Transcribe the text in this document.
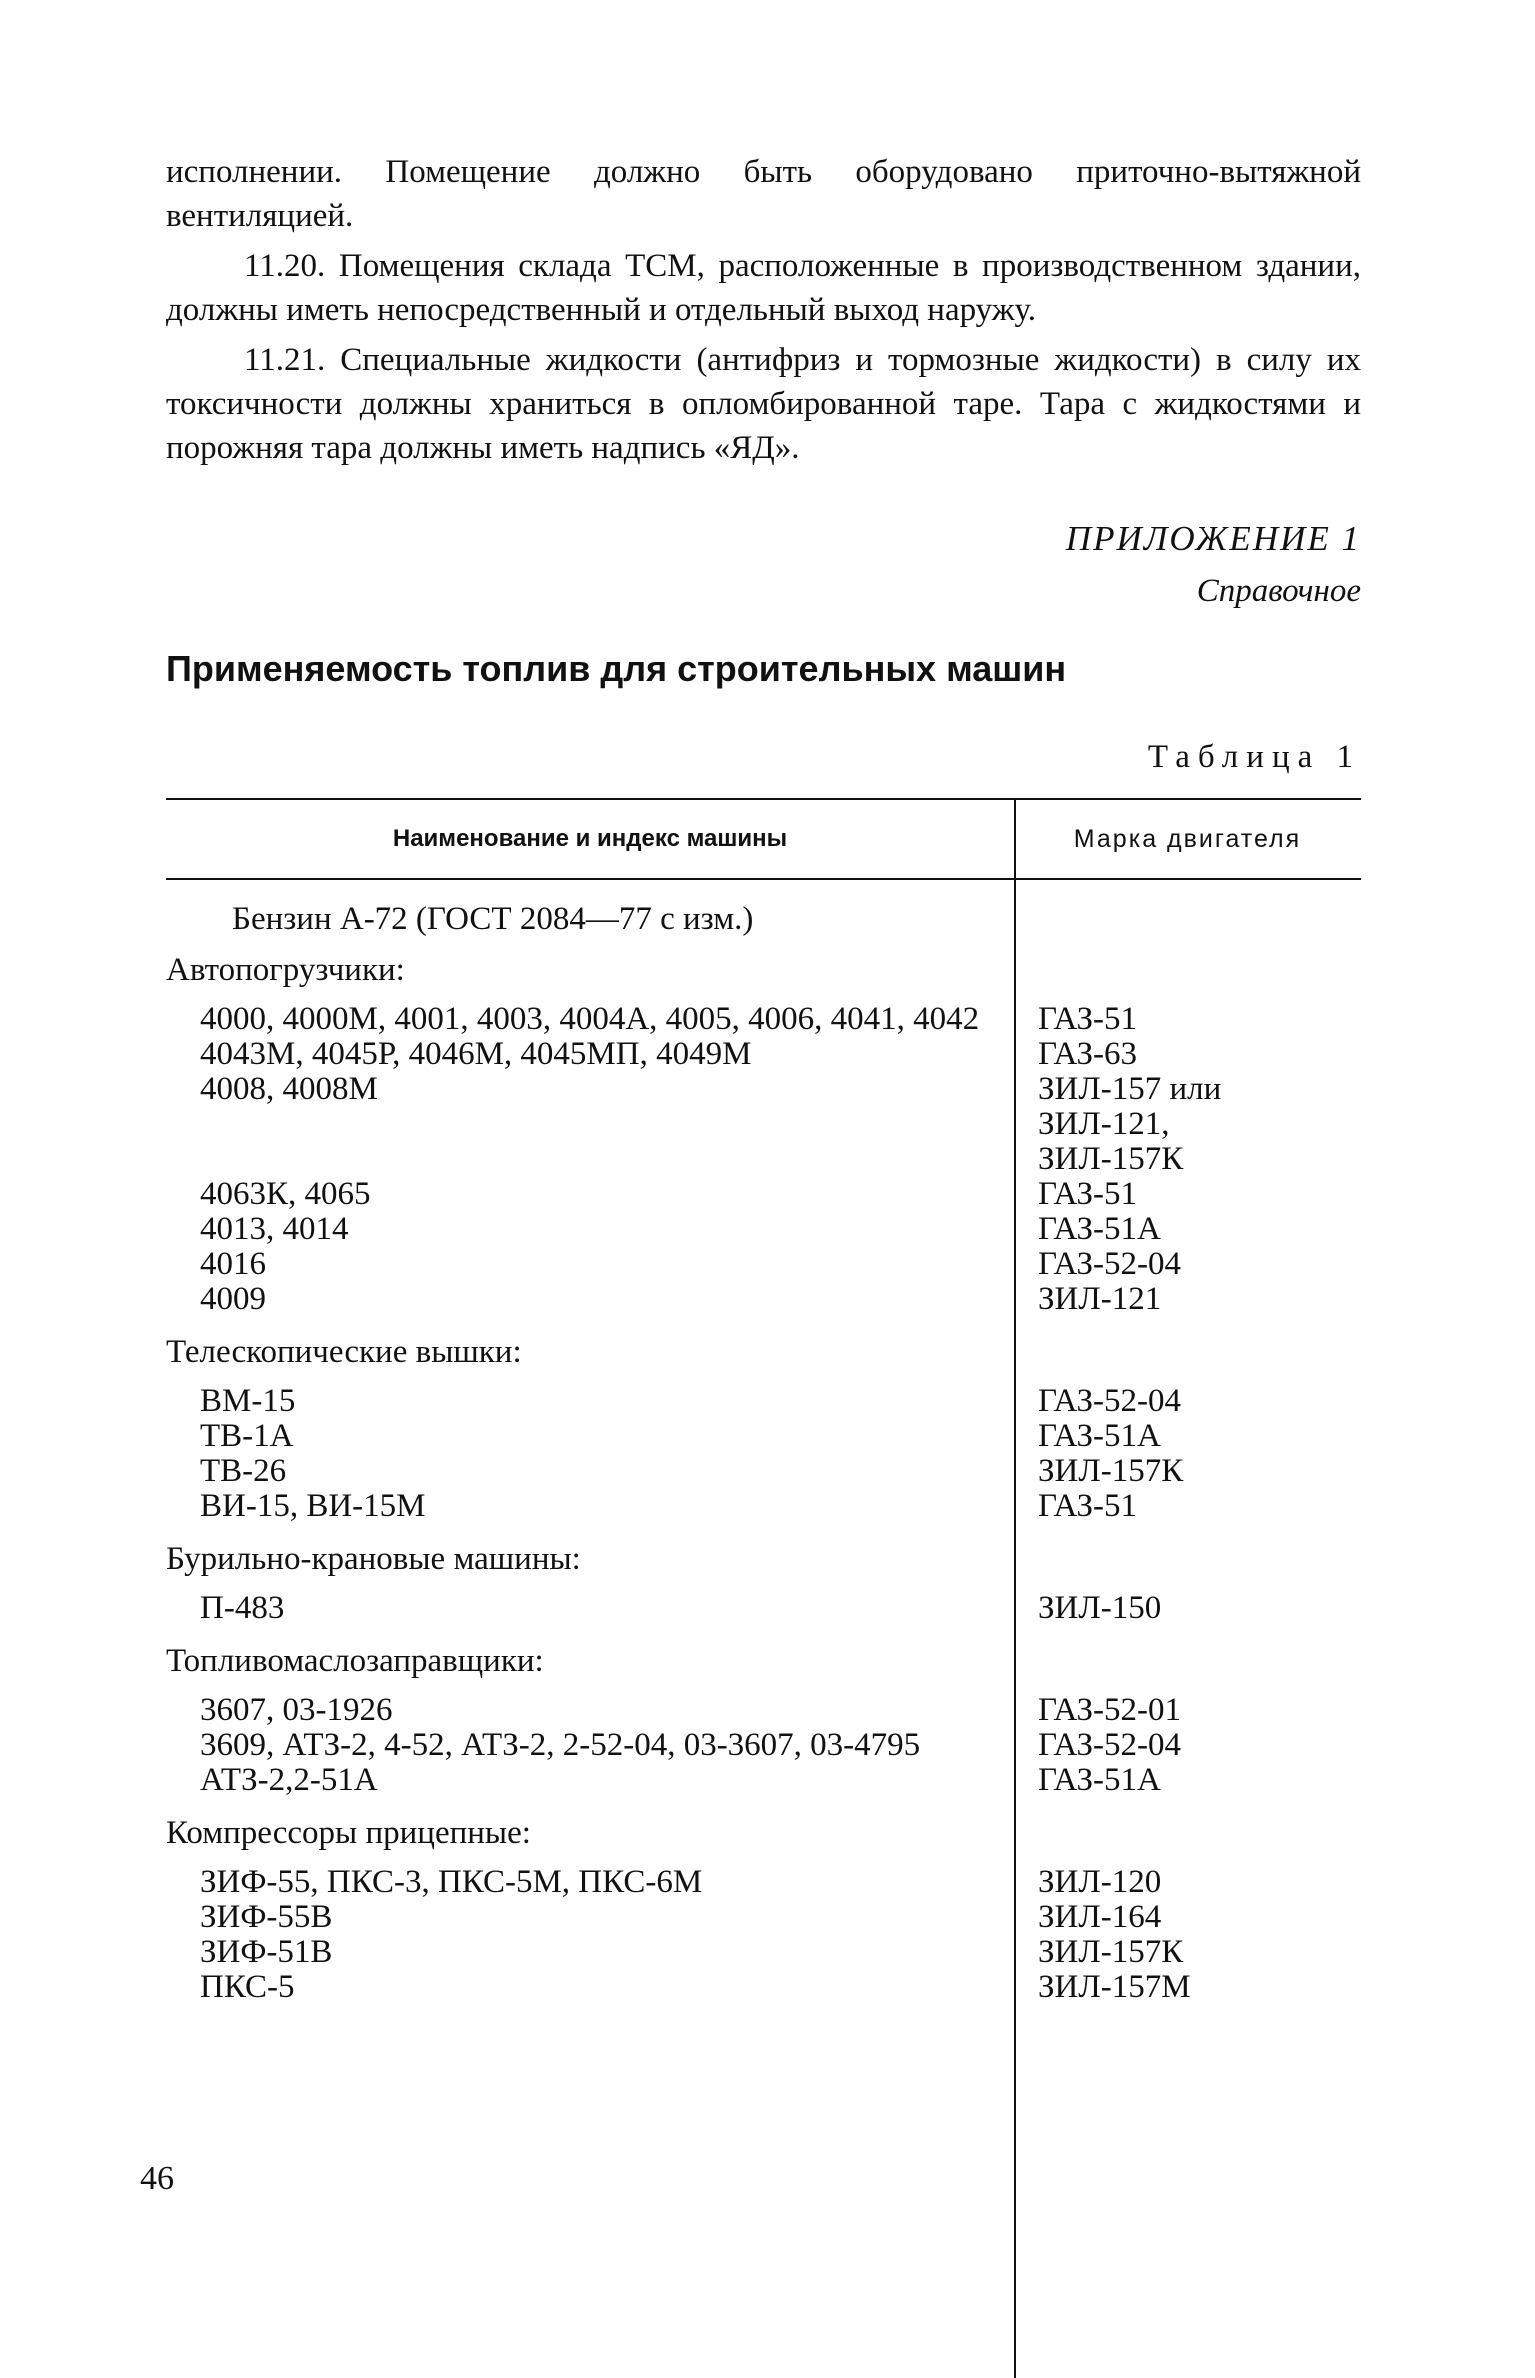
исполнении. Помещение должно быть оборудовано приточно-вытяжной вентиляцией.

11.20. Помещения склада ТСМ, расположенные в производственном здании, должны иметь непосредственный и отдельный выход наружу.

11.21. Специальные жидкости (антифриз и тормозные жидкости) в силу их токсичности должны храниться в опломбированной таре. Тара с жидкостями и порожняя тара должны иметь надпись «ЯД».

ПРИЛОЖЕНИЕ 1
Справочное
Применяемость топлив для строительных машин
Таблица 1
Наименование и индекс машины	Марка двигателя
Бензин А-72 (ГОСТ 2084—77 с изм.)
Автопогрузчики:
4000, 4000М, 4001, 4003, 4004А, 4005, 4006, 4041, 4042	ГАЗ-51
4043М, 4045Р, 4046М, 4045МП, 4049М	ГАЗ-63
4008, 4008М	ЗИЛ-157 или ЗИЛ-121, ЗИЛ-157К
4063К, 4065	ГАЗ-51
4013, 4014	ГАЗ-51А
4016	ГАЗ-52-04
4009	ЗИЛ-121
Телескопические вышки:
ВМ-15	ГАЗ-52-04
ТВ-1А	ГАЗ-51А
ТВ-26	ЗИЛ-157К
ВИ-15, ВИ-15М	ГАЗ-51
Бурильно-крановые машины:
П-483	ЗИЛ-150
Топливомаслозаправщики:
3607, 03-1926	ГАЗ-52-01
3609, АТЗ-2, 4-52, АТЗ-2, 2-52-04, 03-3607, 03-4795	ГАЗ-52-04
АТЗ-2,2-51А	ГАЗ-51А
Компрессоры прицепные:
ЗИФ-55, ПКС-3, ПКС-5М, ПКС-6М	ЗИЛ-120
ЗИФ-55В	ЗИЛ-164
ЗИФ-51В	ЗИЛ-157К
ПКС-5	ЗИЛ-157М
46
